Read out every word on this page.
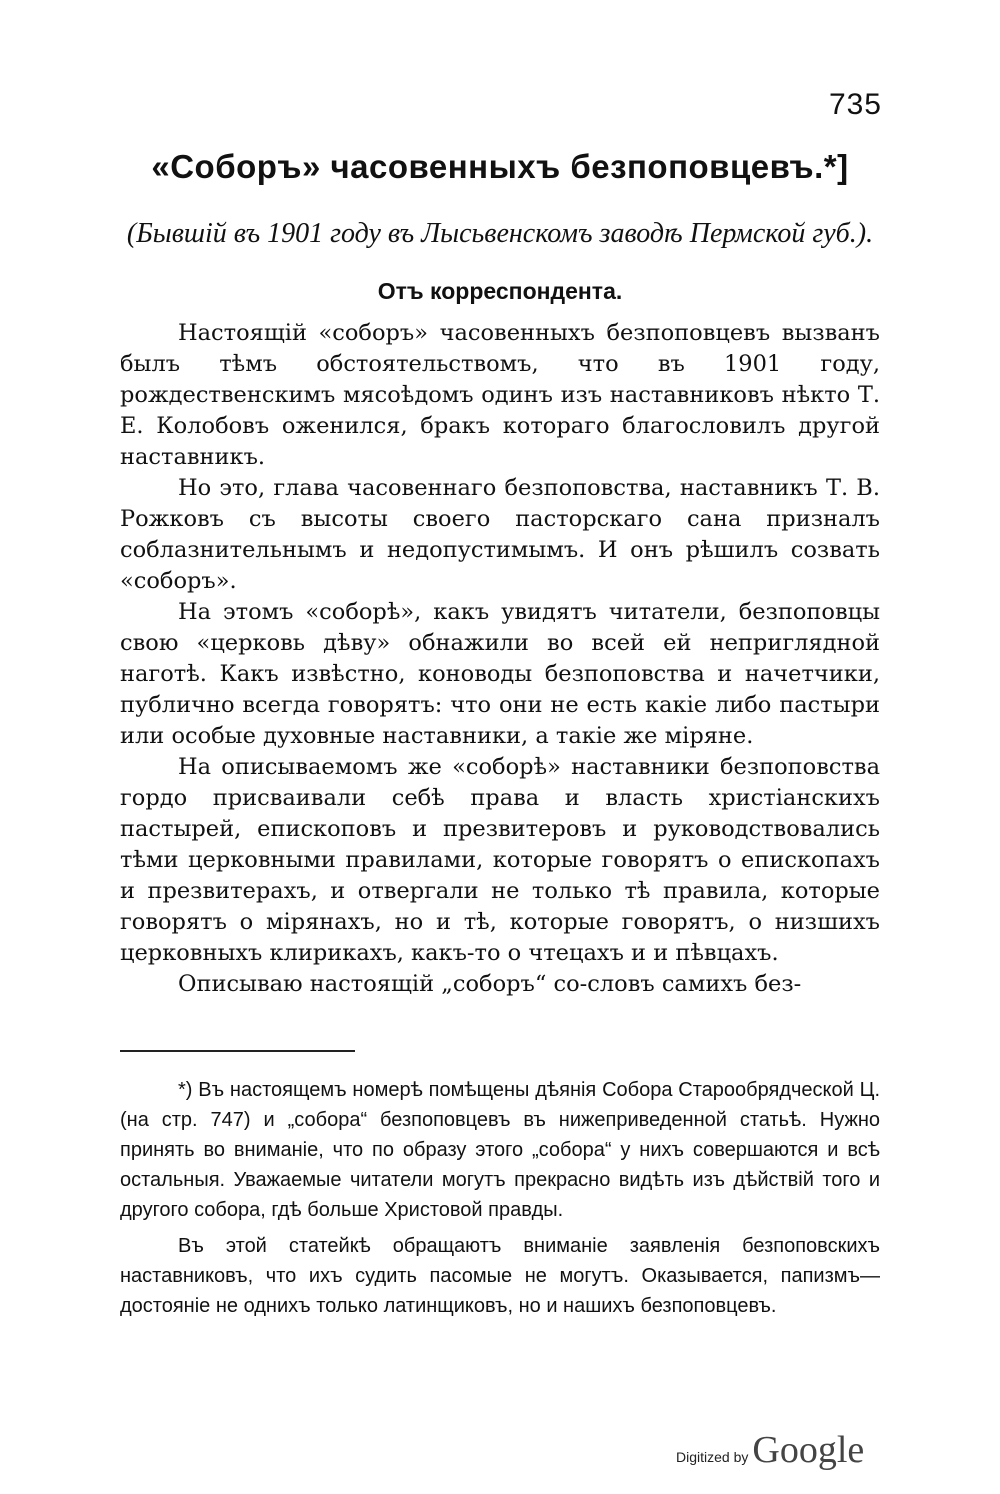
735
«Соборъ» часовенныхъ безпоповцевъ.*]
(Бывшій въ 1901 году въ Лысьвенскомъ заводѣ Пермской губ.).
Отъ корреспондента.

Настоящій «соборъ» часовенныхъ безпоповцевъ вызванъ былъ тѣмъ обстоятельствомъ, что въ 1901 году, рождественскимъ мясоѣдомъ одинъ изъ наставниковъ нѣкто Т. Е. Колобовъ оженился, бракъ котораго благословилъ другой наставникъ.

Но это, глава часовеннаго безпоповства, наставникъ Т. В. Рожковъ съ высоты своего пасторскаго сана призналъ соблазнительнымъ и недопустимымъ. И онъ рѣшилъ созвать «соборъ».

На этомъ «соборѣ», какъ увидятъ читатели, безпоповцы свою «церковь дѣву» обнажили во всей ей неприглядной наготѣ. Какъ извѣстно, коноводы безпоповства и начетчики, публично всегда говорятъ: что они не есть какіе либо пастыри или особые духовные наставники, а такіе же міряне.

На описываемомъ же «соборѣ» наставники безпоповства гордо присваивали себѣ права и власть христіанскихъ пастырей, епископовъ и презвитеровъ и руководствовались тѣми церковными правилами, которые говорятъ о епископахъ и презвитерахъ, и отвергали не только тѣ правила, которые говорятъ о мірянахъ, но и тѣ, которые говорятъ, о низшихъ церковныхъ клирикахъ, какъ-то о чтецахъ и и пѣвцахъ.

Описываю настоящій „соборъ“ со-словъ самихъ без-

*) Въ настоящемъ номерѣ помѣщены дѣянія Собора Старообрядческой Ц. (на стр. 747) и „собора“ безпоповцевъ въ нижеприведенной статьѣ. Нужно принять во вниманіе, что по образу этого „собора“ у нихъ совершаются и всѣ остальныя. Уважаемые читатели могутъ прекрасно видѣть изъ дѣйствій того и другого собора, гдѣ больше Христовой правды.

Въ этой статейкѣ обращаютъ вниманіе заявленія безпоповскихъ наставниковъ, что ихъ судить пасомые не могутъ. Оказывается, папизмъ—достояніе не однихъ только латинщиковъ, но и нашихъ безпоповцевъ.

Digitized by Google
